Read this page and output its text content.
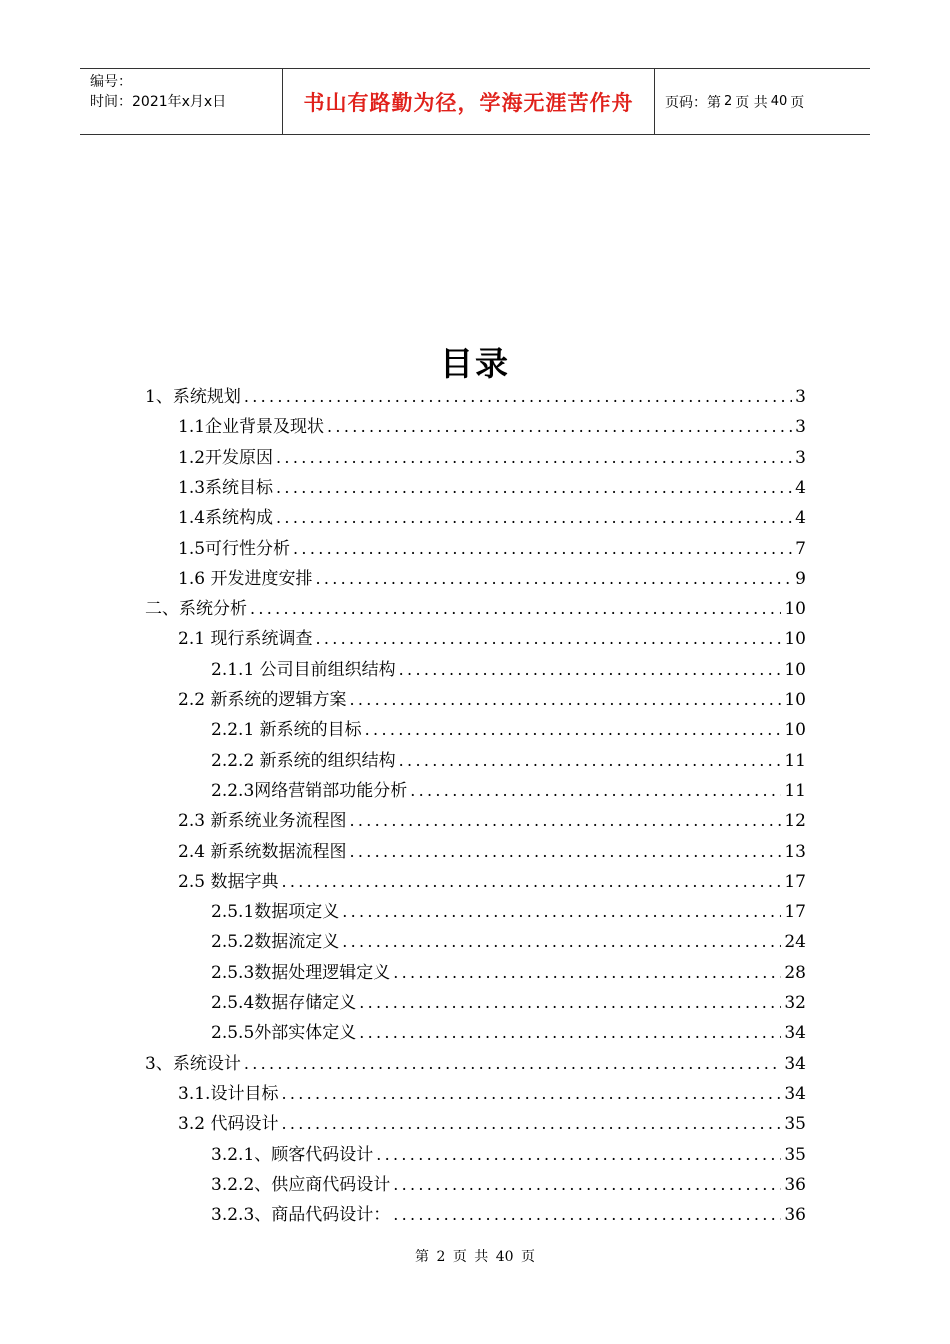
编号：
时间：2021年x月x日	书山有路勤为径，学海无涯苦作舟	页码：第 2 页 共 40 页
目录
1、系统规划 .....	3
1.1企业背景及现状 .....	3
1.2开发原因 .....	3
1.3系统目标 .....	4
1.4系统构成 .....	4
1.5可行性分析 .....	7
1.6 开发进度安排 .....	9
二、系统分析 .....	10
2.1 现行系统调查 .....	10
2.1.1 公司目前组织结构 .....	10
2.2 新系统的逻辑方案 .....	10
2.2.1 新系统的目标 .....	10
2.2.2 新系统的组织结构 .....	11
2.2.3网络营销部功能分析 .....	11
2.3 新系统业务流程图 .....	12
2.4 新系统数据流程图 .....	13
2.5 数据字典 .....	17
2.5.1数据项定义 .....	17
2.5.2数据流定义 .....	24
2.5.3数据处理逻辑定义 .....	28
2.5.4数据存储定义 .....	32
2.5.5外部实体定义 .....	34
3、系统设计 .....	34
3.1.设计目标 .....	34
3.2 代码设计 .....	35
3.2.1、顾客代码设计 .....	35
3.2.2、供应商代码设计 .....	36
3.2.3、商品代码设计： .....	36
第 2 页 共 40 页
